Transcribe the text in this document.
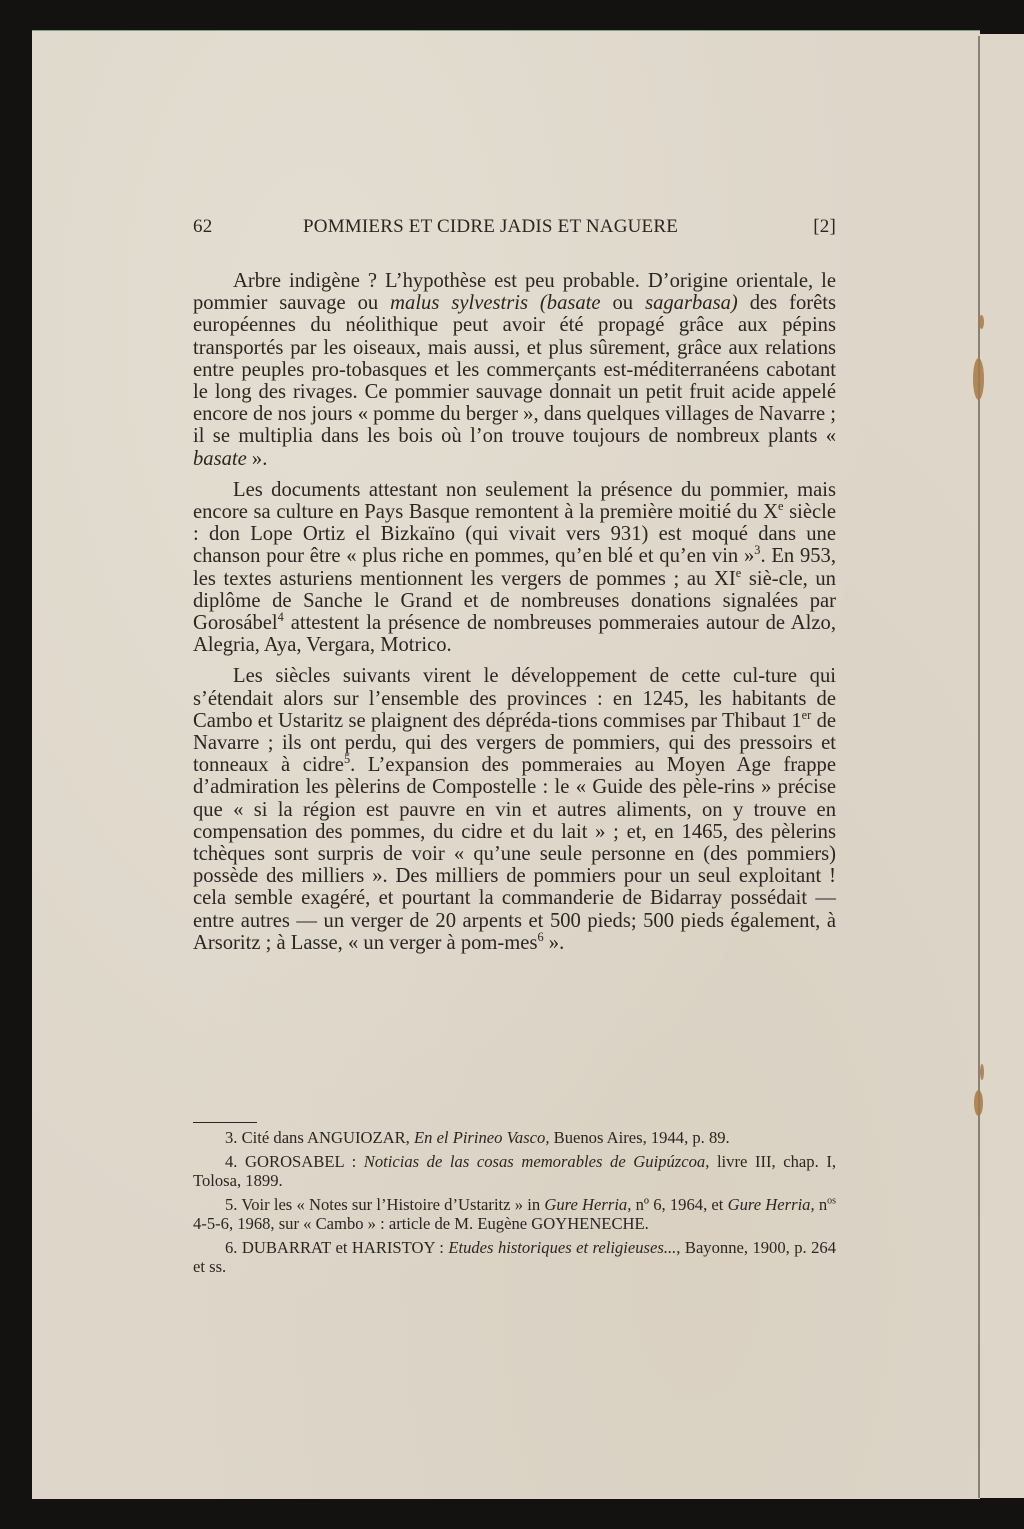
62	POMMIERS ET CIDRE JADIS ET NAGUERE	[2]

Arbre indigène ? L’hypothèse est peu probable. D’origine orientale, le pommier sauvage ou malus sylvestris (basate ou sagarbasa) des forêts européennes du néolithique peut avoir été propagé grâce aux pépins transportés par les oiseaux, mais aussi, et plus sûrement, grâce aux relations entre peuples pro-tobasques et les commerçants est-méditerranéens cabotant le long des rivages. Ce pommier sauvage donnait un petit fruit acide appelé encore de nos jours « pomme du berger », dans quelques villages de Navarre ; il se multiplia dans les bois où l’on trouve toujours de nombreux plants « basate ».

Les documents attestant non seulement la présence du pommier, mais encore sa culture en Pays Basque remontent à la première moitié du Xe siècle : don Lope Ortiz el Bizkaïno (qui vivait vers 931) est moqué dans une chanson pour être « plus riche en pommes, qu’en blé et qu’en vin »$^3$. En 953, les textes asturiens mentionnent les vergers de pommes ; au XIe siè-cle, un diplôme de Sanche le Grand et de nombreuses donations signalées par Gorosábel$^4$ attestent la présence de nombreuses pommeraies autour de Alzo, Alegria, Aya, Vergara, Motrico.

Les siècles suivants virent le développement de cette cul-ture qui s’étendait alors sur l’ensemble des provinces : en 1245, les habitants de Cambo et Ustaritz se plaignent des dépréda-tions commises par Thibaut 1er de Navarre ; ils ont perdu, qui des vergers de pommiers, qui des pressoirs et tonneaux à cidre$^5$. L’expansion des pommeraies au Moyen Age frappe d’admiration les pèlerins de Compostelle : le « Guide des pèle-rins » précise que « si la région est pauvre en vin et autres aliments, on y trouve en compensation des pommes, du cidre et du lait » ; et, en 1465, des pèlerins tchèques sont surpris de voir « qu’une seule personne en (des pommiers) possède des milliers ». Des milliers de pommiers pour un seul exploitant ! cela semble exagéré, et pourtant la commanderie de Bidarray possédait — entre autres — un verger de 20 arpents et 500 pieds; 500 pieds également, à Arsoritz ; à Lasse, « un verger à pom-mes$^6$ ».

3. Cité dans ANGUIOZAR, En el Pirineo Vasco, Buenos Aires, 1944, p. 89.

4. GOROSABEL : Noticias de las cosas memorables de Guipúzcoa, livre III, chap. I, Tolosa, 1899.

5. Voir les « Notes sur l’Histoire d’Ustaritz » in Gure Herria, nº 6, 1964, et Gure Herria, $n^{os}$ 4-5-6, 1968, sur « Cambo » : article de M. Eugène GOYHENECHE.

6. DUBARRAT et HARISTOY : Etudes historiques et religieuses..., Bayonne, 1900, p. 264 et ss.
